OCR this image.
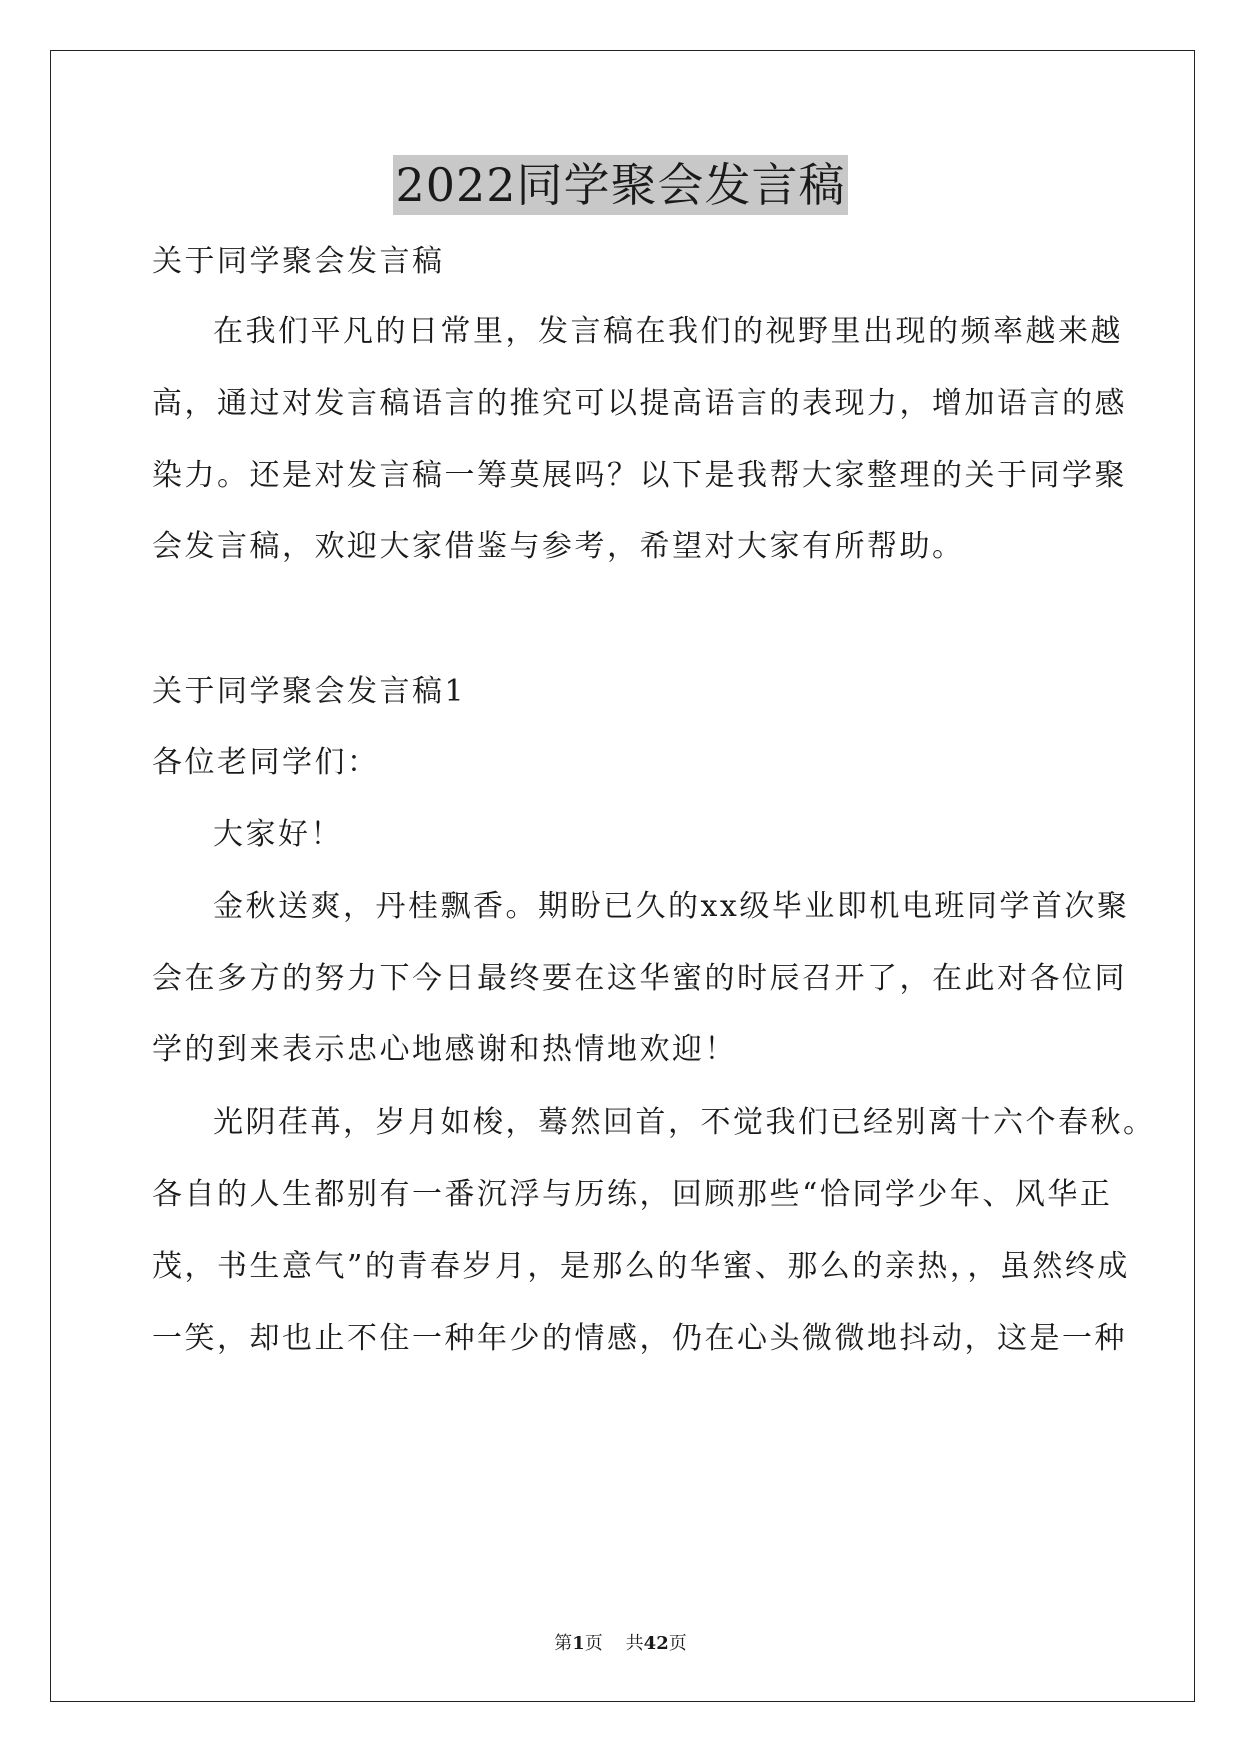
2022同学聚会发言稿
关于同学聚会发言稿
在我们平凡的日常里，发言稿在我们的视野里出现的频率越来越
高，通过对发言稿语言的推究可以提高语言的表现力，增加语言的感
染力。还是对发言稿一筹莫展吗？以下是我帮大家整理的关于同学聚
会发言稿，欢迎大家借鉴与参考，希望对大家有所帮助。
关于同学聚会发言稿1
各位老同学们：
大家好！
金秋送爽，丹桂飘香。期盼已久的xx级毕业即机电班同学首次聚
会在多方的努力下今日最终要在这华蜜的时辰召开了，在此对各位同
学的到来表示忠心地感谢和热情地欢迎！
光阴荏苒，岁月如梭，蓦然回首，不觉我们已经别离十六个春秋。
各自的人生都别有一番沉浮与历练，回顾那些“恰同学少年、风华正
茂，书生意气”的青春岁月，是那么的华蜜、那么的亲热，，虽然终成
一笑，却也止不住一种年少的情感，仍在心头微微地抖动，这是一种
第1页 共42页
